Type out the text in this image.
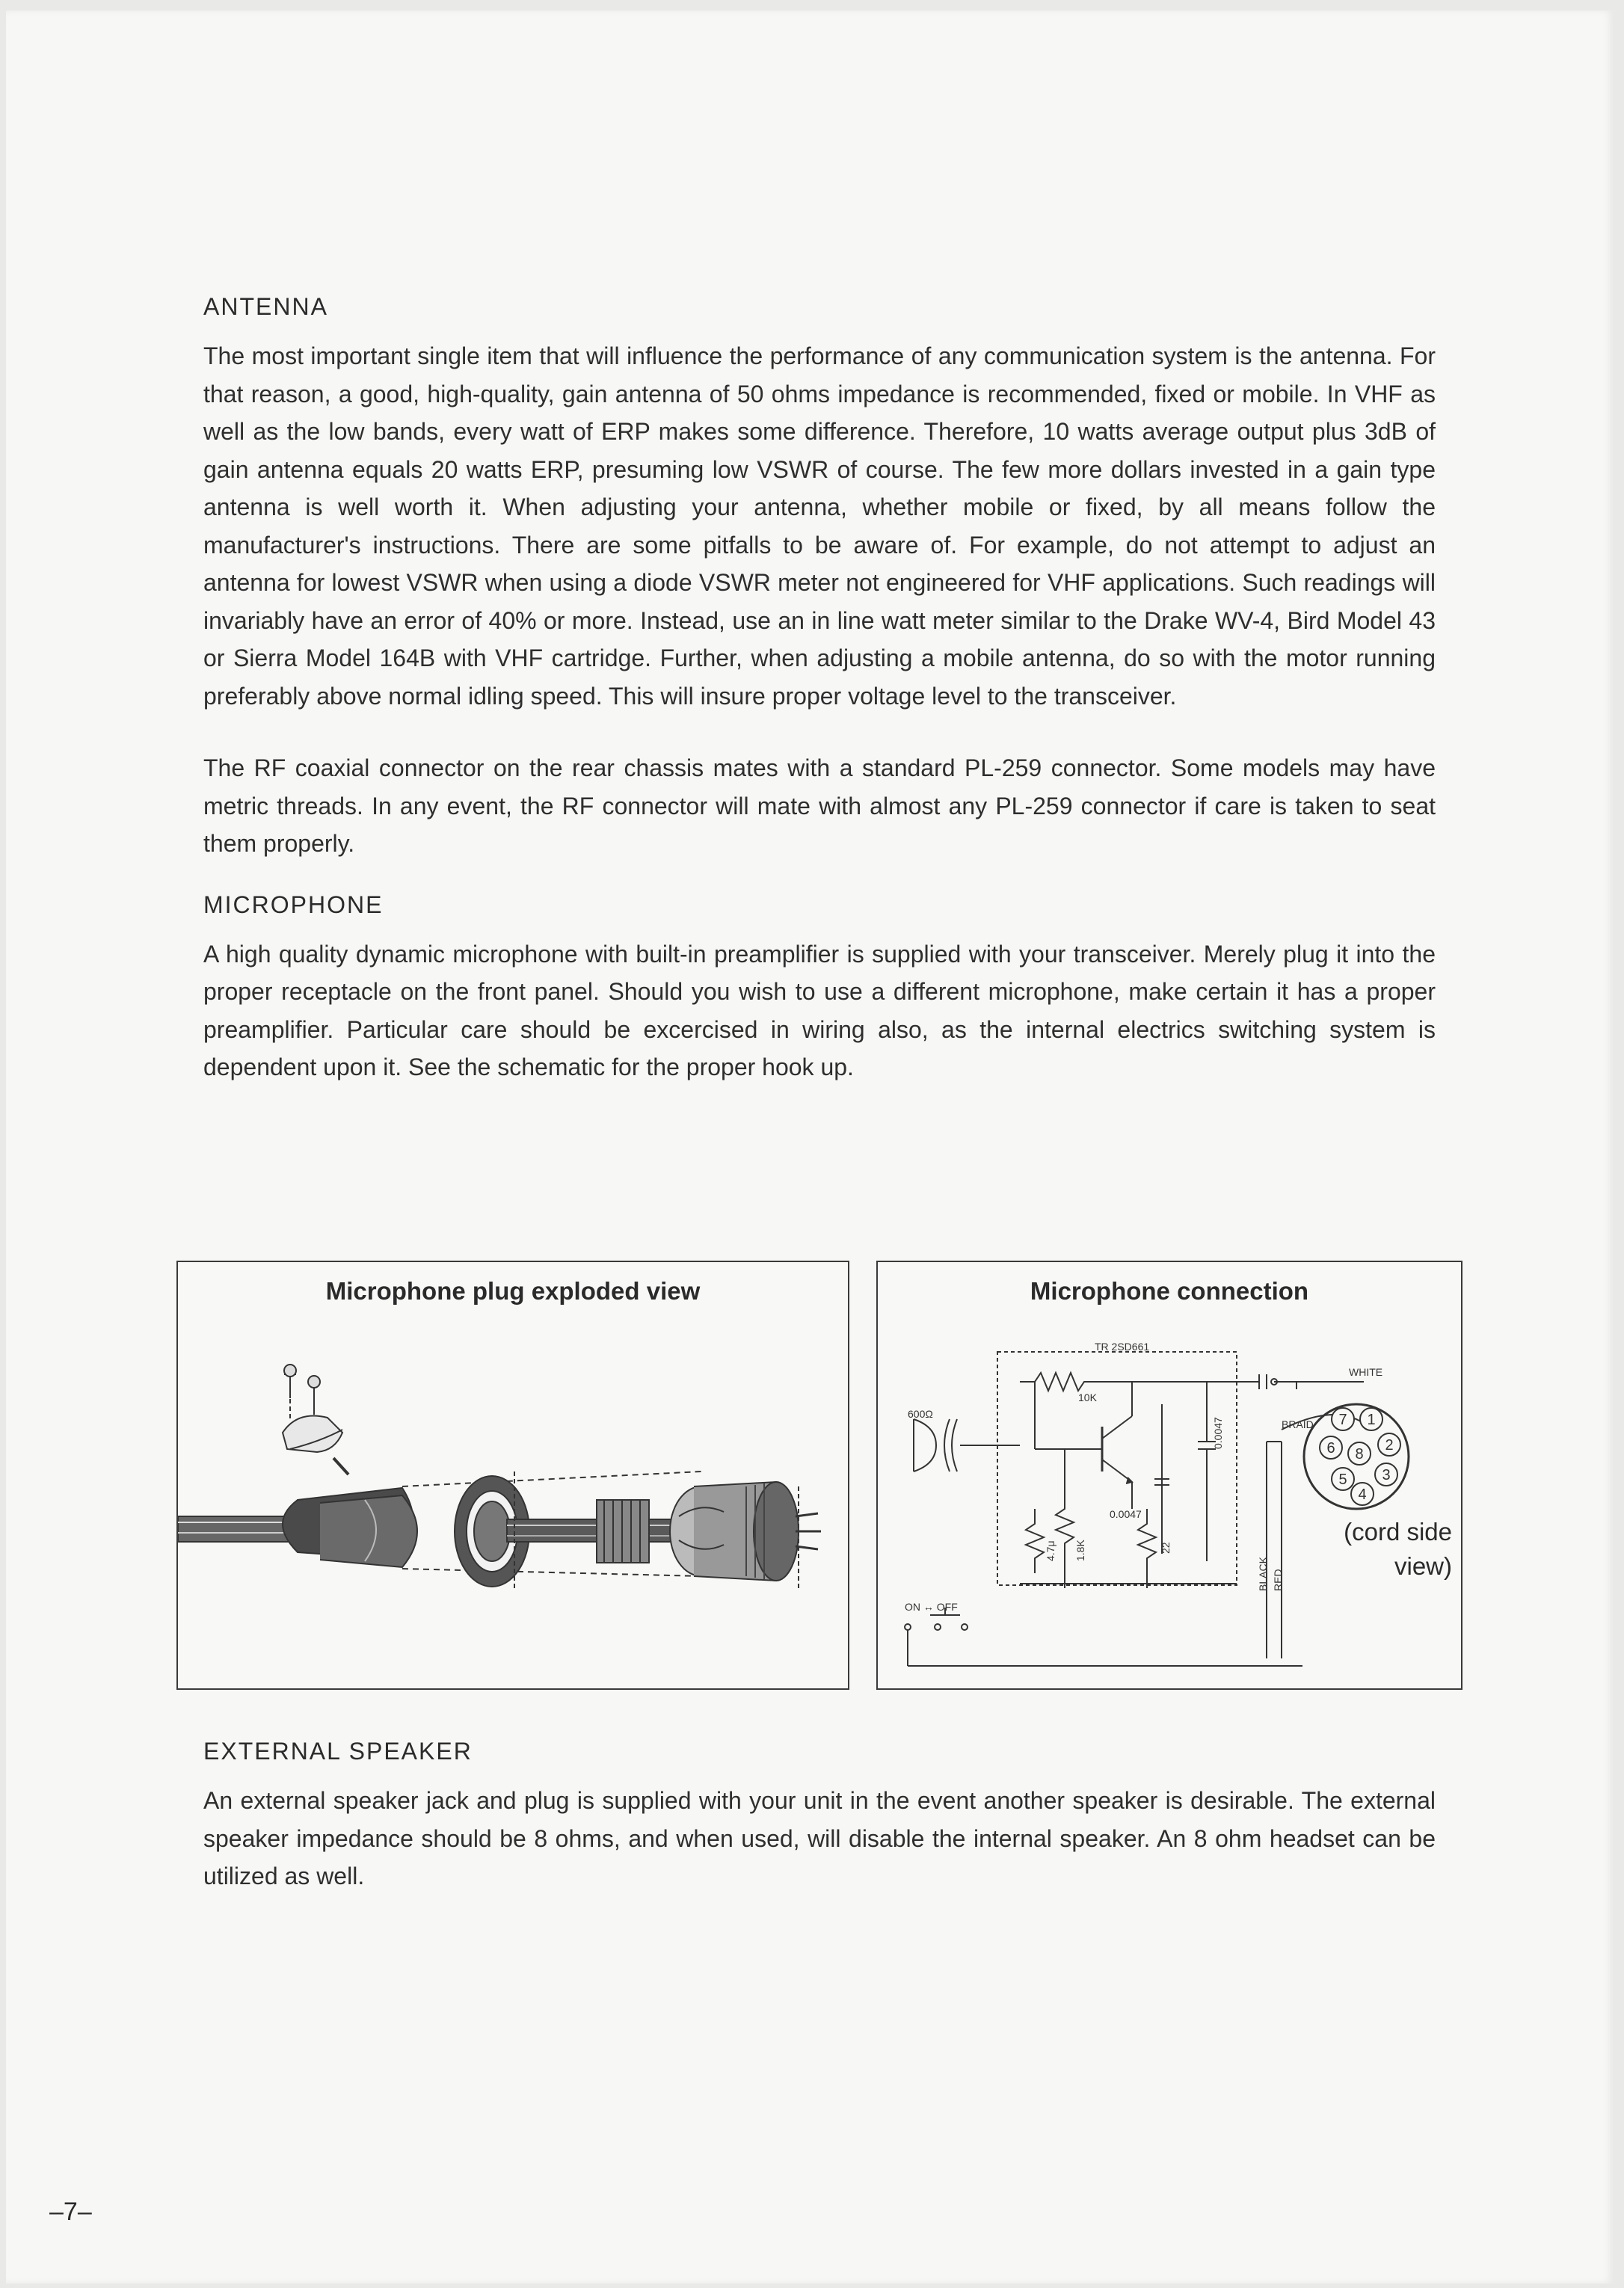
ANTENNA

The most important single item that will influence the performance of any communication system is the antenna. For that reason, a good, high-quality, gain antenna of 50 ohms impedance is recommended, fixed or mobile. In VHF as well as the low bands, every watt of ERP makes some difference. Therefore, 10 watts average output plus 3dB of gain antenna equals 20 watts ERP, presuming low VSWR of course. The few more dollars invested in a gain type antenna is well worth it. When adjusting your antenna, whether mobile or fixed, by all means follow the manufacturer's instructions. There are some pitfalls to be aware of. For example, do not attempt to adjust an antenna for lowest VSWR when using a diode VSWR meter not engineered for VHF applications. Such readings will invariably have an error of 40% or more. Instead, use an in line watt meter similar to the Drake WV-4, Bird Model 43 or Sierra Model 164B with VHF cartridge. Further, when adjusting a mobile antenna, do so with the motor running preferably above normal idling speed. This will insure proper voltage level to the transceiver.

The RF coaxial connector on the rear chassis mates with a standard PL-259 connector. Some models may have metric threads. In any event, the RF connector will mate with almost any PL-259 connector if care is taken to seat them properly.

MICROPHONE

A high quality dynamic microphone with built-in preamplifier is supplied with your transceiver. Merely plug it into the proper receptacle on the front panel. Should you wish to use a different microphone, make certain it has a proper preamplifier. Particular care should be excercised in wiring also, as the internal electrics switching system is dependent upon it. See the schematic for the proper hook up.

Microphone plug exploded view	Microphone connection
7 1
6 8
2
5 3
4
TR 2SD661
10K
600Ω
0.0047
ON ↔ OFF
WHITE
BRAID
0.0047
4.7μ 1.8K	22
BLACK RED
(cord side
view)
EXTERNAL SPEAKER

An external speaker jack and plug is supplied with your unit in the event another speaker is desirable. The external speaker impedance should be 8 ohms, and when used, will disable the internal speaker. An 8 ohm headset can be utilized as well.

–7–
